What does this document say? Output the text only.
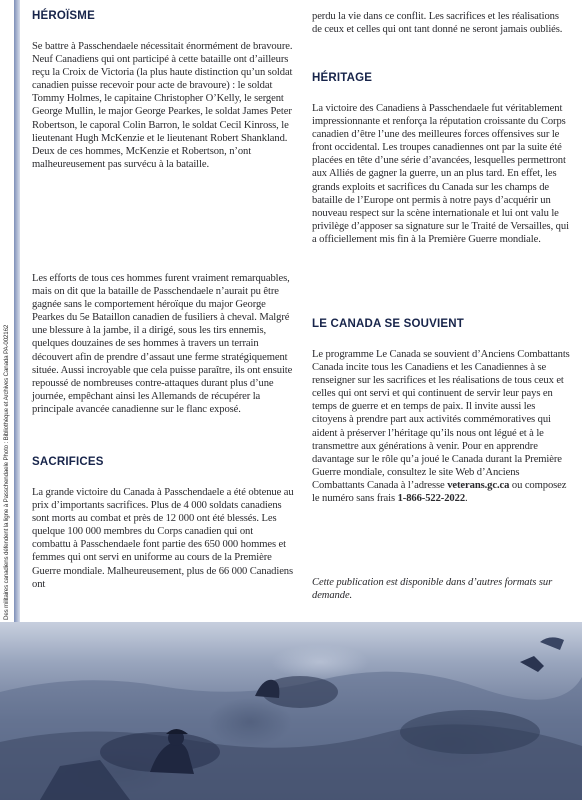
Des militaires canadiens défendent la ligne à Passchendaele Photo : Bibliothèque et Archives Canada PA-002162
HÉROÏSME

Se battre à Passchendaele nécessitait énormément de bravoure. Neuf Canadiens qui ont participé à cette bataille ont d’ailleurs reçu la Croix de Victoria (la plus haute distinction qu’un soldat canadien puisse recevoir pour acte de bravoure) : le soldat Tommy Holmes, le capitaine Christopher O’Kelly, le sergent George Mullin, le major George Pearkes, le soldat James Peter Robertson, le caporal Colin Barron, le soldat Cecil Kinross, le lieutenant Hugh McKenzie et le lieutenant Robert Shankland. Deux de ces hommes, McKenzie et Robertson, n’ont malheureusement pas survécu à la bataille.

Les efforts de tous ces hommes furent vraiment remarquables, mais on dit que la bataille de Passchendaele n’aurait pu être gagnée sans le comportement héroïque du major George Pearkes du 5e Bataillon canadien de fusiliers à cheval. Malgré une blessure à la jambe, il a dirigé, sous les tirs ennemis, quelques douzaines de ses hommes à travers un terrain découvert afin de prendre d’assaut une ferme stratégiquement située. Aussi incroyable que cela puisse paraître, ils ont ensuite repoussé de nombreuses contre-attaques durant plus d’une journée, empêchant ainsi les Allemands de récupérer la principale avancée canadienne sur le flanc exposé.

SACRIFICES

La grande victoire du Canada à Passchendaele a été obtenue au prix d’importants sacrifices. Plus de 4 000 soldats canadiens sont morts au combat et près de 12 000 ont été blessés. Les quelque 100 000 membres du Corps canadien qui ont combattu à Passchendaele font partie des 650 000 hommes et femmes qui ont servi en uniforme au cours de la Première Guerre mondiale. Malheureusement, plus de 66 000 Canadiens ont

perdu la vie dans ce conflit. Les sacrifices et les réalisations de ceux et celles qui ont tant donné ne seront jamais oubliés.

HÉRITAGE

La victoire des Canadiens à Passchendaele fut véritablement impressionnante et renforça la réputation croissante du Corps canadien d’être l’une des meilleures forces offensives sur le front occidental. Les troupes canadiennes ont par la suite été placées en tête d’une série d’avancées, lesquelles permettront aux Alliés de gagner la guerre, un an plus tard. En effet, les grands exploits et sacrifices du Canada sur les champs de bataille de l’Europe ont permis à notre pays d’acquérir un nouveau respect sur la scène internationale et lui ont valu le privilège d’apposer sa signature sur le Traité de Versailles, qui a officiellement mis fin à la Première Guerre mondiale.

LE CANADA SE SOUVIENT

Le programme Le Canada se souvient d’Anciens Combattants Canada incite tous les Canadiens et les Canadiennes à se renseigner sur les sacrifices et les réalisations de tous ceux et celles qui ont servi et qui continuent de servir leur pays en temps de guerre et en temps de paix. Il invite aussi les citoyens à prendre part aux activités commémoratives qui aident à préserver l’héritage qu’ils nous ont légué et à le transmettre aux générations à venir. Pour en apprendre davantage sur le rôle qu’a joué le Canada durant la Première Guerre mondiale, consultez le site Web d’Anciens Combattants Canada à l’adresse veterans.gc.ca ou composez le numéro sans frais 1-866-522-2022.

Cette publication est disponible dans d’autres formats sur demande.
